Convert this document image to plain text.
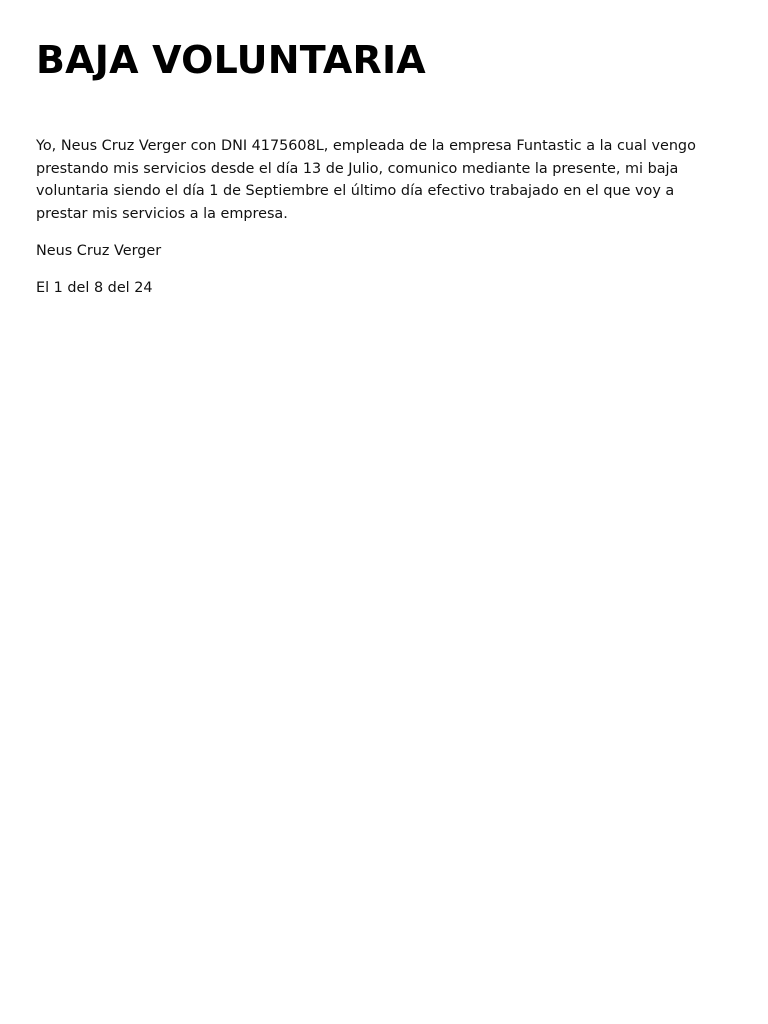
BAJA VOLUNTARIA

Yo, Neus Cruz Verger con DNI 4175608L, empleada de la empresa Funtastic a la cual vengo prestando mis servicios desde el día 13 de Julio, comunico mediante la presente, mi baja voluntaria siendo el día 1 de Septiembre el último día efectivo trabajado en el que voy a prestar mis servicios a la empresa.

Neus Cruz Verger

El 1 del 8 del 24
